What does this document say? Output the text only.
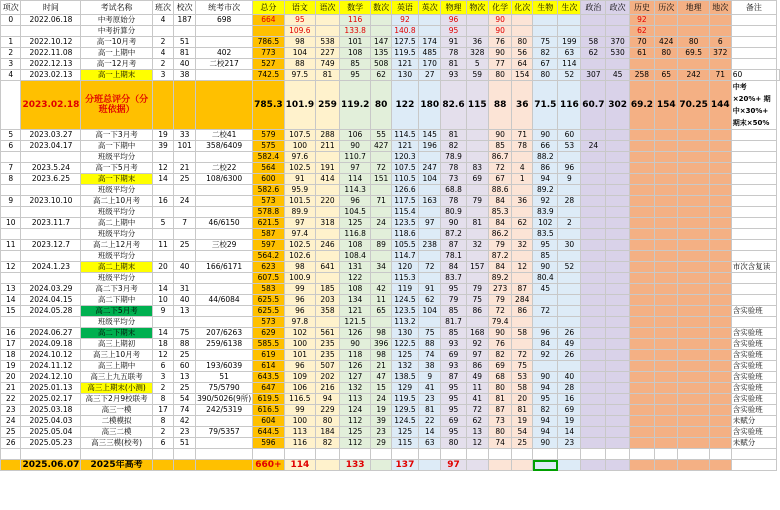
项次	时间	考试名称	班次	校次	统考市次	总分	语文	语次	数学	数次	英语	英次	物理	物次	化学	化次	生物	生次	政治	政次	历史	历次	地理	地次	备注	
0	2022.06.18	中考原始分	4	187	698	664	95		116		92		96		90						92					
		中考折算分					109.6		133.8		140.8		95		90						62					
1	2022.10.12	高一10月考	2	51		786.5	98	538	101	147	127.5	174	91	36	76	80	75	199	58	370	70	424	80	6		
2	2022.11.08	高一上期中	4	81	402	773	104	227	108	135	119.5	485	78	328	90	56	82	63	62	530	61	80	69.5	372		
3	2022.12.13	高一12月考	2	40	二校217	527	88	749	85	508	121	170	81	5	77	64	67	114								
4	2023.02.13	高一上期末	3	38		742.5	97.5	81	95	62	130	27	93	59	80	154	80	52	307	45	258	65	242	71	60	
	2023.02.18	分班总评分（分班依据）				785.3	101.9	259	119.2	80	122	180	82.6	115	88	36	71.5	116	60.7	302	69.2	154	70.25	144	中考×20%+ 期中×30%+ 期末×50%	
5	2023.03.27	高一下3月考	19	33	二校41	579	107.5	288	106	55	114.5	145	81		90	71	90	60								
6	2023.04.17	高一下期中	39	101	358/6409	575	100	211	90	427	121	196	82		85	78	66	53	24							
		班级平均分				582.4	97.6		110.7		120.3		78.9		86.7		88.2									
7	2023.5.24	高一下5月考	12	21	二校22	564	102.5	191	97	72	107.5	247	78	83	72	4	86	96								
8	2023.6.25	高一下期末	14	25	108/6300	600	91	414	114	151	110.5	104	73	69	67	1	94	9								
		班级平均分				582.6	95.9		114.3		126.6		68.8		88.6		89.2									
9	2023.10.10	高二上10月考	16	24		573	101.5	220	96	71	117.5	163	78	79	84	36	92	28								
		班级平均分				578.8	89.9		104.5		115.4		80.9		85.3		83.9									
10	2023.11.7	高二上期中	5	7	46/6150	621.5	97	318	125	24	123.5	97	90	81	84	62	102	2								
		班级平均分				587	97.4		116.8		118.6		87.2		86.2		83.5									
11	2023.12.7	高二上12月考	11	25	三校29	597	102.5	246	108	89	105.5	238	87	32	79	32	95	30								
		班级平均分				564.2	102.6		108.4		114.7		78.1		87.2		85									
12	2024.1.23	高二上期末	20	40	166/6171	623	98	641	131	34	120	72	84	157	84	12	90	52							市次含复读	
		班级平均分				607.5	100.9		122		115.3		83.7		89.2		80.4									
13	2024.03.29	高二下3月考	14	31		583	99	185	108	42	119	91	95	79	273	87	45									
14	2024.04.15	高二下期中	10	40	44/6084	625.5	96	203	134	11	124.5	62	79	75	79	284										
15	2024.05.28	高二下5月考	9	13		625.5	96	358	121	65	123.5	104	85	86	72	86	72								含实验班	
		班级平均分				573	97.8		121.5		113.2		81.7		79.4											
16	2024.06.27	高二下期末	14	75	207/6263	629	102	561	126	98	130	75	85	168	90	58	96	26							含实验班	
17	2024.09.18	高三上期初	18	88	259/6138	585.5	100	235	90	396	122.5	88	93	92	76		84	49							含实验班	
18	2024.10.12	高三上10月考	12	25		619	101	235	118	98	125	74	69	97	82	72	92	26							含实验班	
19	2024.11.12	高三上期中	6	60	193/6039	614	96	507	126	21	132	38	93	86	69	75									含实验班	
20	2024.12.10	高三上九五联考	3	13	51	643.5	109	202	127	47	138.5	9	87	49	68	53	90	40							含实验班	
21	2025.01.13	高三上期末(小测)	2	25	75/5790	647	106	216	132	15	129	41	95	11	80	58	94	28							含实验班	
22	2025.02.17	高三下2月9校联考	8	54	390/5026(9所)	619.5	116.5	94	113	24	119.5	23	95	41	81	20	95	16							含实验班	
23	2025.03.18	高三一模	17	74	242/5319	616.5	99	229	124	19	129.5	81	95	72	87	81	82	69							含实验班	
24	2025.04.03	二模模拟	8	42		604	100	80	112	39	124.5	22	69	62	73	19	94	19							未赋分	
25	2025.05.04	高三二模	2	23	79/5357	644.5	113	184	125	23	125	14	95	13	80	54	94	14							含实验班	
26	2025.05.23	高三三模(校考)	6	51		596	116	82	112	29	115	63	80	12	74	25	90	23							未赋分	

	2025.06.07	2025年高考				660+	114		133		137		97													
